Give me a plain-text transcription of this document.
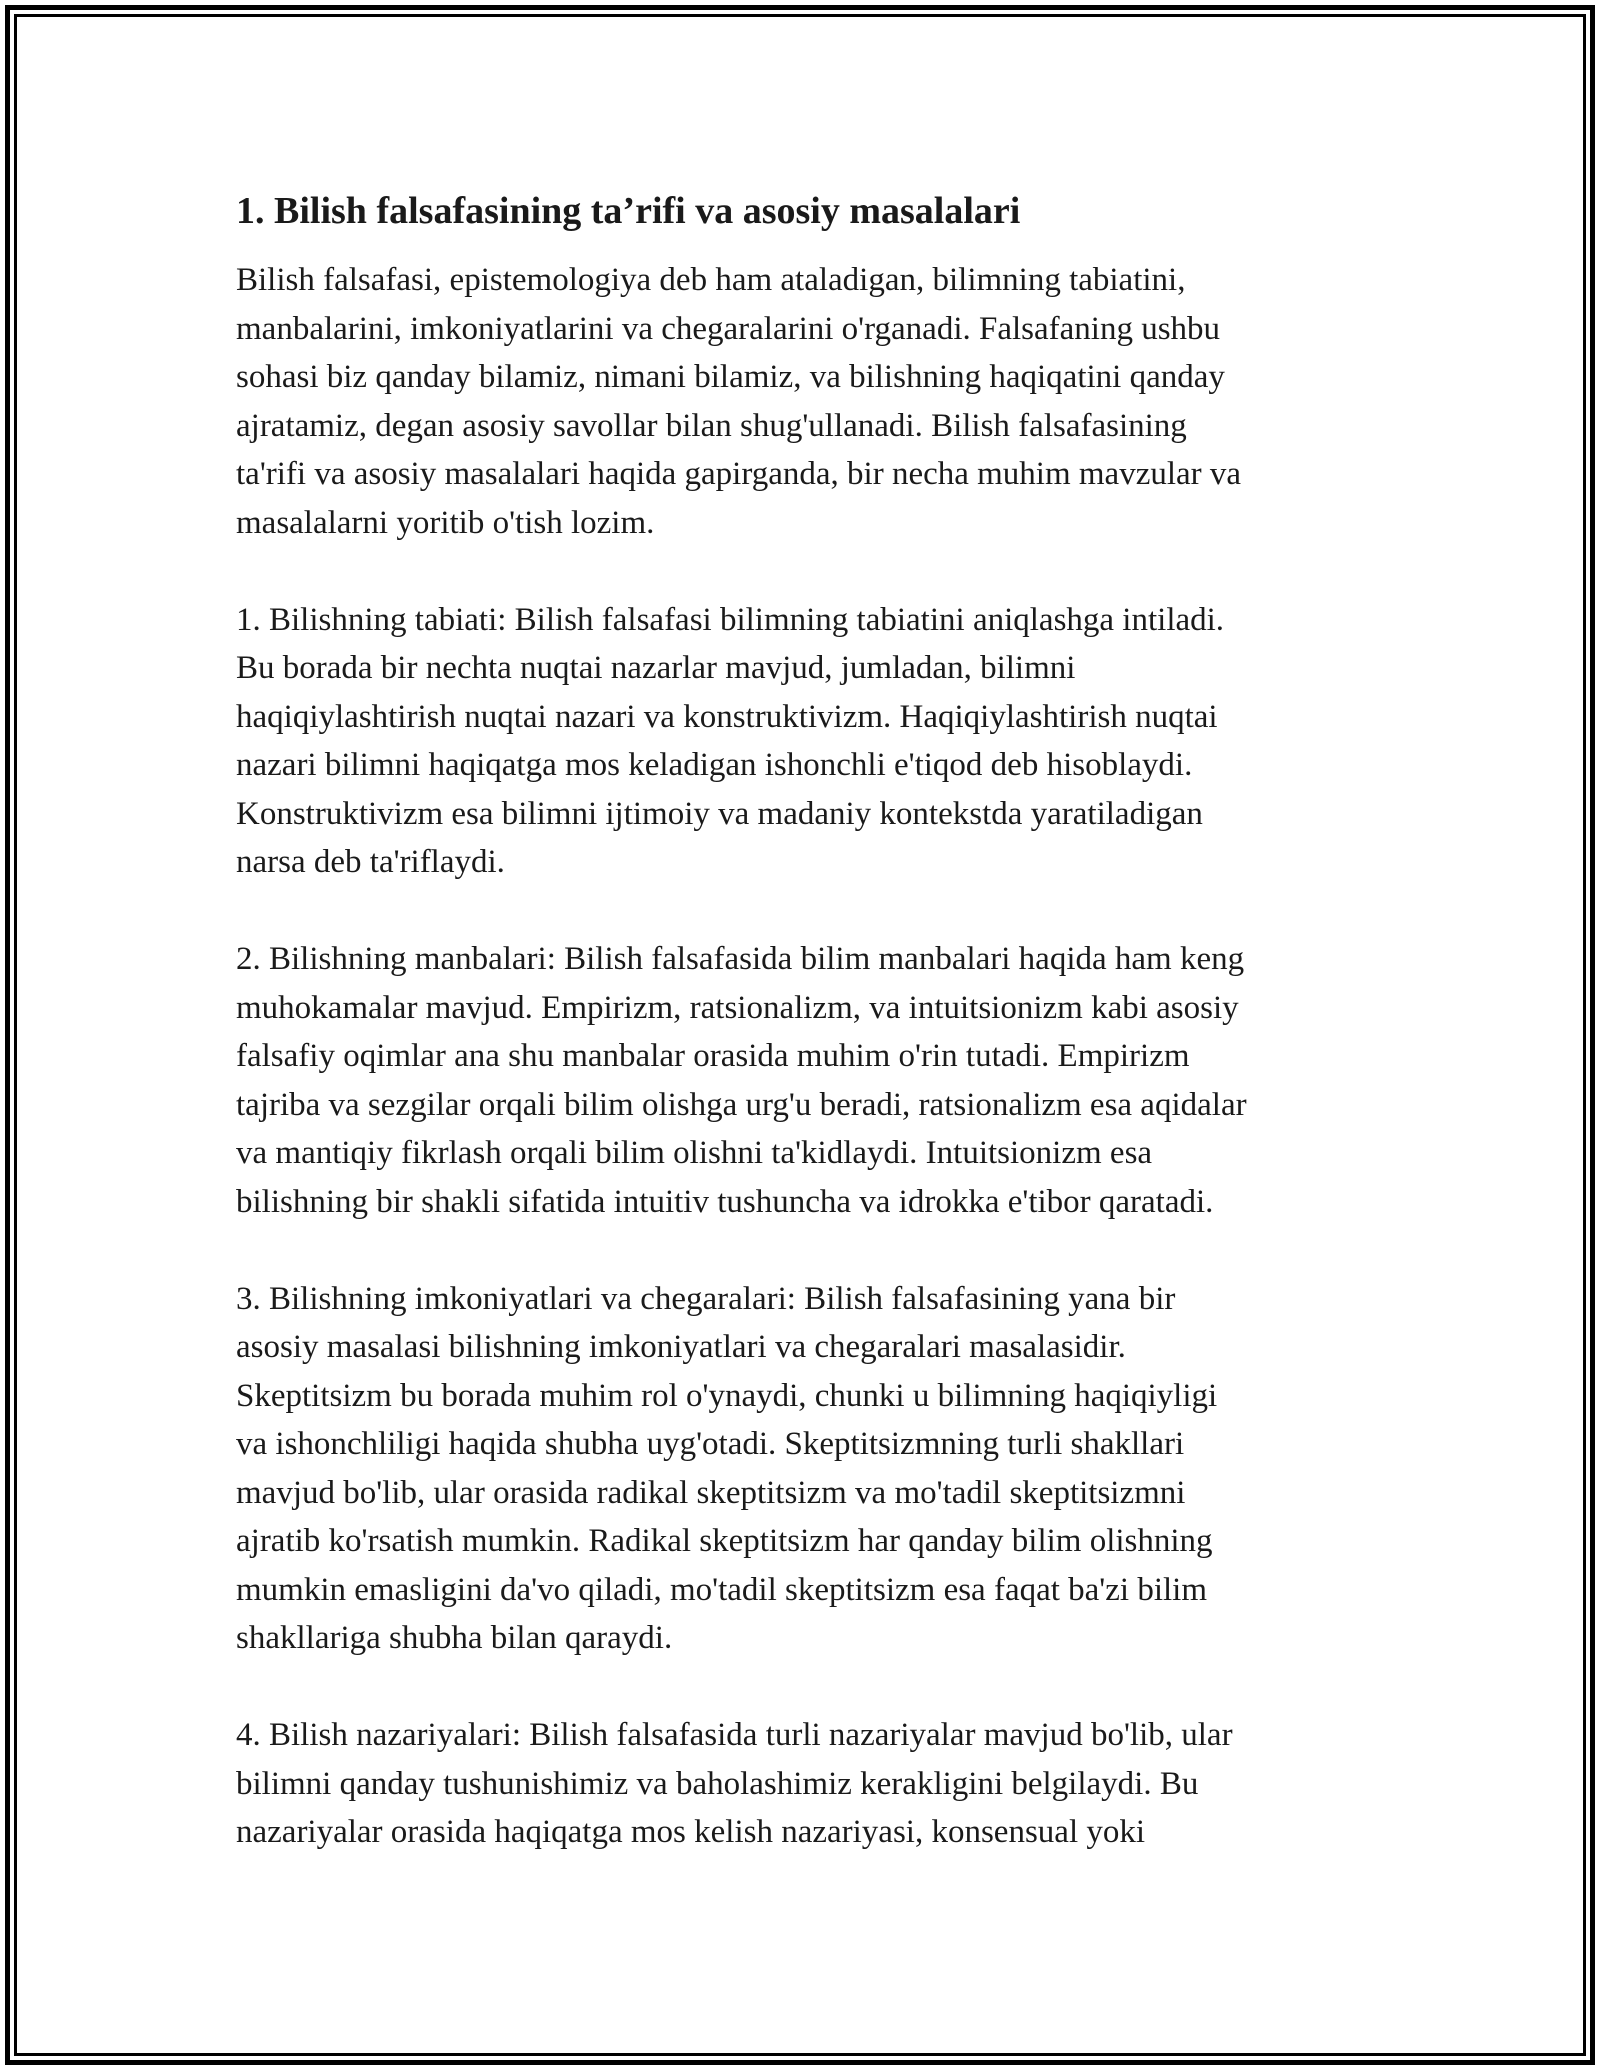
1. Bilish falsafasining ta’rifi va asosiy masalalari
Bilish falsafasi, epistemologiya deb ham ataladigan, bilimning tabiatini,
manbalarini, imkoniyatlarini va chegaralarini o'rganadi. Falsafaning ushbu
sohasi biz qanday bilamiz, nimani bilamiz, va bilishning haqiqatini qanday
ajratamiz, degan asosiy savollar bilan shug'ullanadi. Bilish falsafasining
ta'rifi va asosiy masalalari haqida gapirganda, bir necha muhim mavzular va
masalalarni yoritib o'tish lozim.
1. Bilishning tabiati: Bilish falsafasi bilimning tabiatini aniqlashga intiladi.
Bu borada bir nechta nuqtai nazarlar mavjud, jumladan, bilimni
haqiqiylashtirish nuqtai nazari va konstruktivizm. Haqiqiylashtirish nuqtai
nazari bilimni haqiqatga mos keladigan ishonchli e'tiqod deb hisoblaydi.
Konstruktivizm esa bilimni ijtimoiy va madaniy kontekstda yaratiladigan
narsa deb ta'riflaydi.
2. Bilishning manbalari: Bilish falsafasida bilim manbalari haqida ham keng
muhokamalar mavjud. Empirizm, ratsionalizm, va intuitsionizm kabi asosiy
falsafiy oqimlar ana shu manbalar orasida muhim o'rin tutadi. Empirizm
tajriba va sezgilar orqali bilim olishga urg'u beradi, ratsionalizm esa aqidalar
va mantiqiy fikrlash orqali bilim olishni ta'kidlaydi. Intuitsionizm esa
bilishning bir shakli sifatida intuitiv tushuncha va idrokka e'tibor qaratadi.
3. Bilishning imkoniyatlari va chegaralari: Bilish falsafasining yana bir
asosiy masalasi bilishning imkoniyatlari va chegaralari masalasidir.
Skeptitsizm bu borada muhim rol o'ynaydi, chunki u bilimning haqiqiyligi
va ishonchliligi haqida shubha uyg'otadi. Skeptitsizmning turli shakllari
mavjud bo'lib, ular orasida radikal skeptitsizm va mo'tadil skeptitsizmni
ajratib ko'rsatish mumkin. Radikal skeptitsizm har qanday bilim olishning
mumkin emasligini da'vo qiladi, mo'tadil skeptitsizm esa faqat ba'zi bilim
shakllariga shubha bilan qaraydi.
4. Bilish nazariyalari: Bilish falsafasida turli nazariyalar mavjud bo'lib, ular
bilimni qanday tushunishimiz va baholashimiz kerakligini belgilaydi. Bu
nazariyalar orasida haqiqatga mos kelish nazariyasi, konsensual yoki
